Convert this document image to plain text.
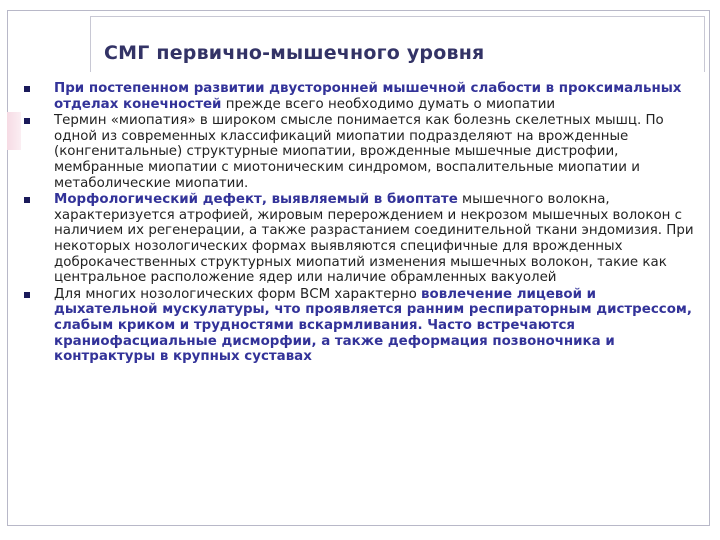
СМГ первично-мышечного уровня
При постепенном развитии двусторонней мышечной слабости в проксимальных отделах конечностей прежде всего необходимо думать о миопатии
Термин «миопатия» в широком смысле понимается как болезнь скелетных мышц. По одной из современных классификаций миопатии подразделяют на врожденные (конгенитальные) структурные миопатии, врожденные мышечные дистрофии, мембранные миопатии с миотоническим синдромом, воспалительные миопатии и метаболические миопатии.
Морфологический дефект, выявляемый в биоптате мышечного волокна, характеризуется атрофией, жировым перерождением и некрозом мышечных волокон с наличием их регенерации, а также разрастанием соединительной ткани эндомизия. При некоторых нозологических формах выявляются специфичные для врожденных доброкачественных структурных миопатий изменения мышечных волокон, такие как центральное расположение ядер или наличие обрамленных вакуолей
Для многих нозологических форм ВСМ характерно вовлечение лицевой и дыхательной мускулатуры, что проявляется ранним респираторным дистрессом, слабым криком и трудностями вскармливания. Часто встречаются краниофасциальные дисморфии, а также деформация позвоночника и контрактуры в крупных суставах
